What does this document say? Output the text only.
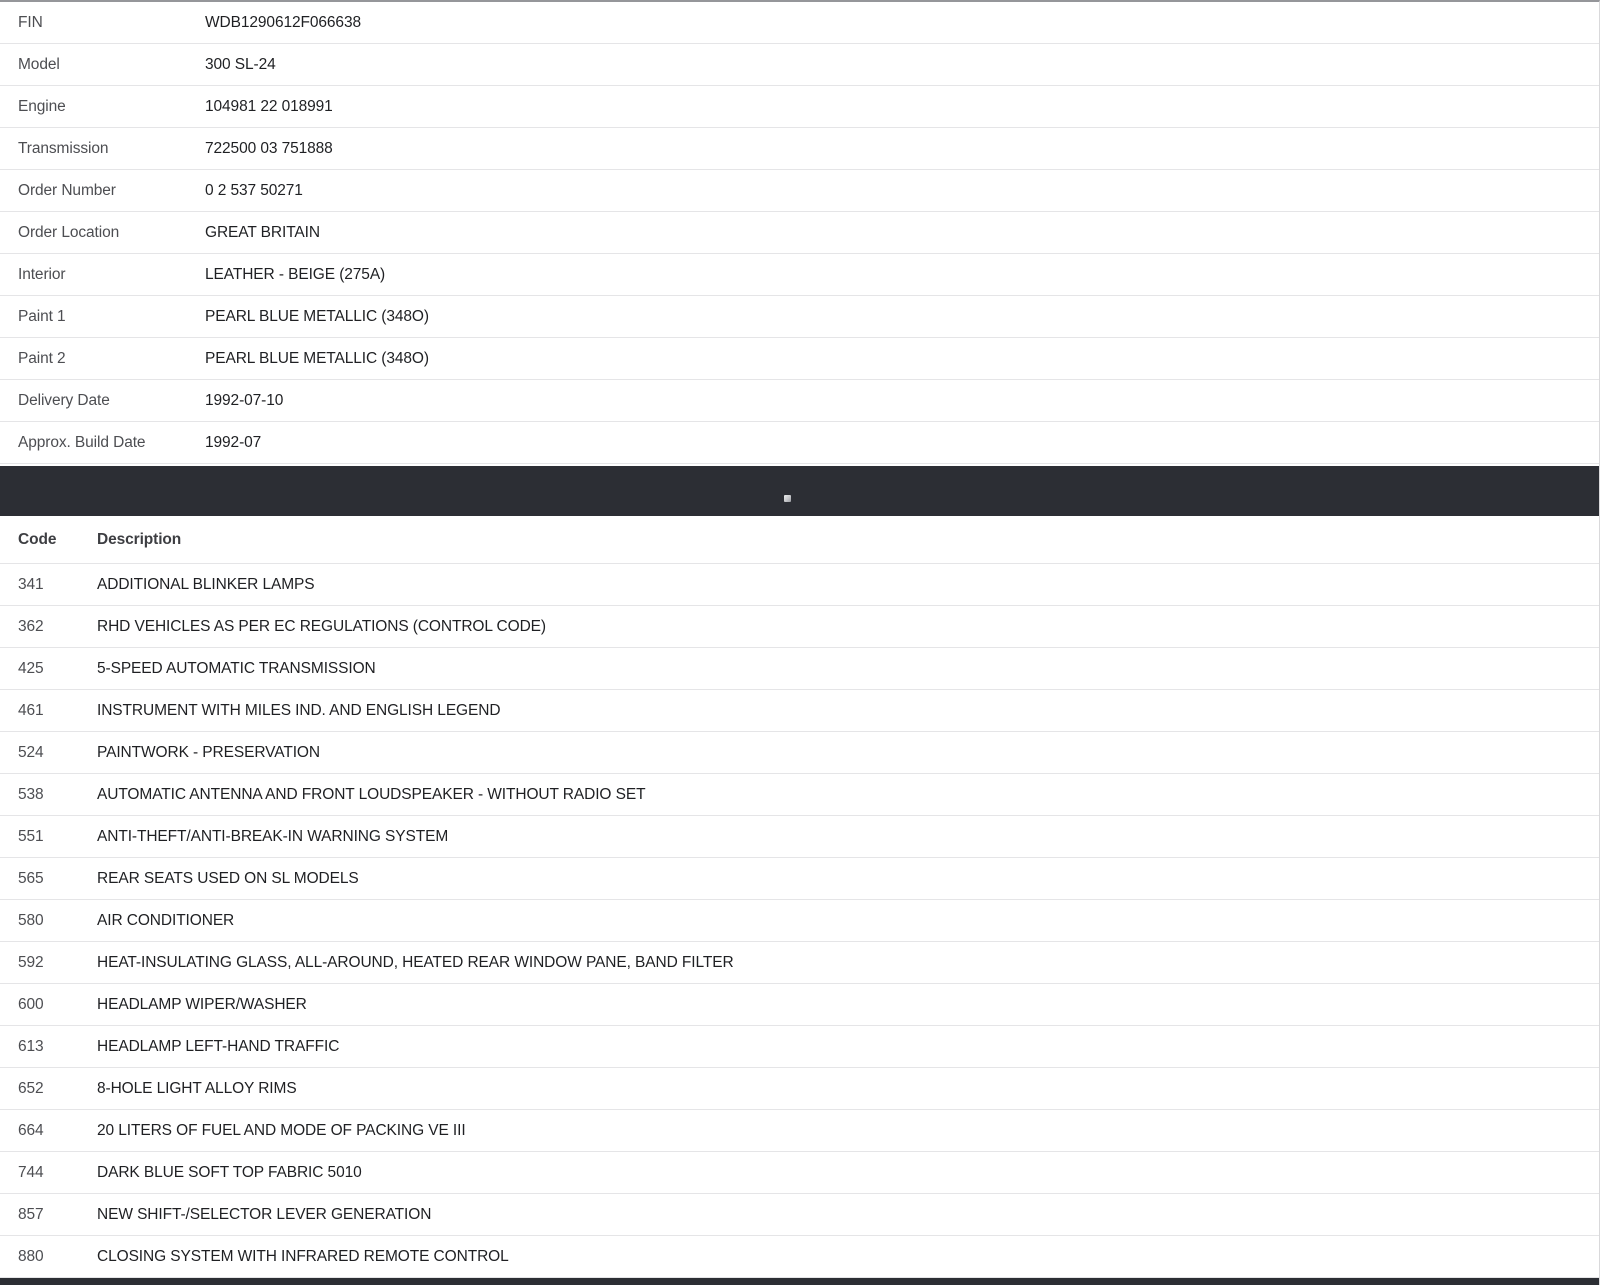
FIN	WDB1290612F066638
Model	300 SL-24
Engine	104981 22 018991
Transmission	722500 03 751888
Order Number	0 2 537 50271
Order Location	GREAT BRITAIN
Interior	LEATHER - BEIGE (275A)
Paint 1	PEARL BLUE METALLIC (348O)
Paint 2	PEARL BLUE METALLIC (348O)
Delivery Date	1992-07-10
Approx. Build Date	1992-07
Code	Description
341	ADDITIONAL BLINKER LAMPS
362	RHD VEHICLES AS PER EC REGULATIONS (CONTROL CODE)
425	5-SPEED AUTOMATIC TRANSMISSION
461	INSTRUMENT WITH MILES IND. AND ENGLISH LEGEND
524	PAINTWORK - PRESERVATION
538	AUTOMATIC ANTENNA AND FRONT LOUDSPEAKER - WITHOUT RADIO SET
551	ANTI-THEFT/ANTI-BREAK-IN WARNING SYSTEM
565	REAR SEATS USED ON SL MODELS
580	AIR CONDITIONER
592	HEAT-INSULATING GLASS, ALL-AROUND, HEATED REAR WINDOW PANE, BAND FILTER
600	HEADLAMP WIPER/WASHER
613	HEADLAMP LEFT-HAND TRAFFIC
652	8-HOLE LIGHT ALLOY RIMS
664	20 LITERS OF FUEL AND MODE OF PACKING VE III
744	DARK BLUE SOFT TOP FABRIC 5010
857	NEW SHIFT-/SELECTOR LEVER GENERATION
880	CLOSING SYSTEM WITH INFRARED REMOTE CONTROL
